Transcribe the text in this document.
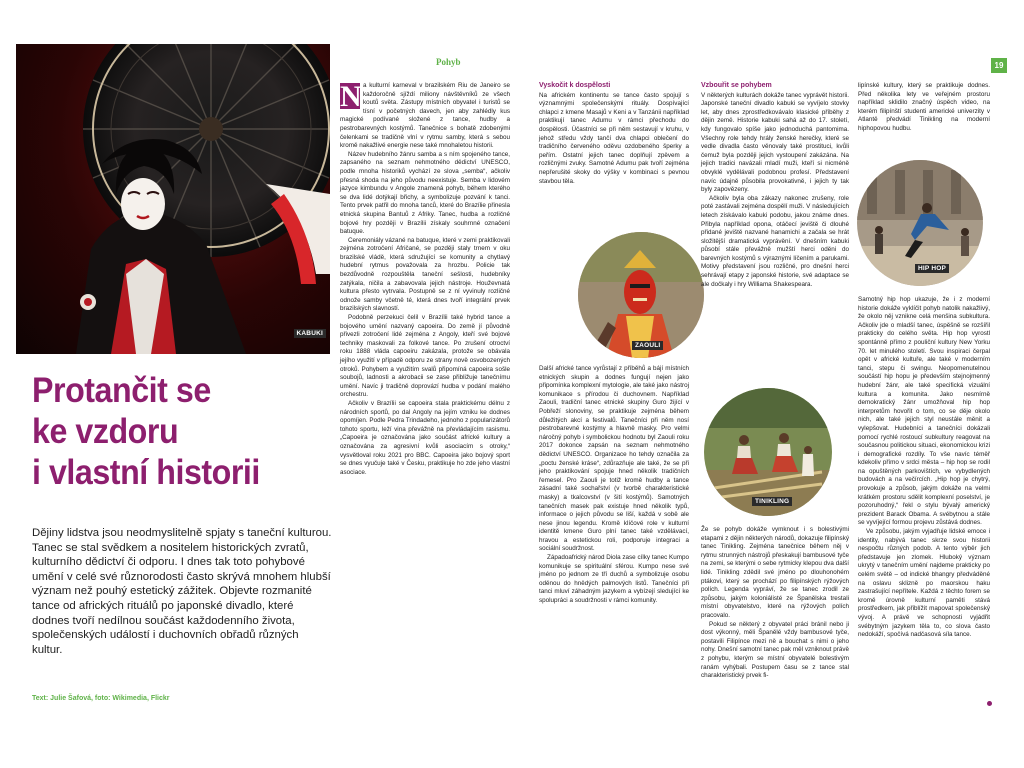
19
KABUKI
Protančit se
ke vzdoru
i vlastní historii
Dějiny lidstva jsou neodmyslitelně spjaty s taneční kulturou. Tanec se stal svědkem a nositelem historických zvratů, kulturního dědictví či odporu. I dnes tak toto pohybové umění v celé své různorodosti často skrývá mnohem hlubší význam než pouhý estetický zážitek. Objevte rozmanité tance od afrických rituálů po japonské divadlo, které dodnes tvoří nedílnou součást každodenního života, společenských událostí i duchovních obřadů různých kultur.
Text: Julie Šafová, foto: Wikimedia, Flickr
Pohyb
N a kulturní karneval v brazilském Riu de Janeiro se každoročně sjíždí miliony návštěvníků ze všech koutů světa. Zástupy místních obyvatel i turistů se tísní v početných davech, jen aby zahlédly kus magické podívané složené z tance, hudby a pestrobarevných kostýmů. Tanečnice s bohatě zdobenými čelenkami se tradičně vlní v rytmu samby, která s sebou kromě nakažlivé energie nese také mnohaletou historii.

Název hudebního žánru samba a s ním spojeného tance, zapsaného na seznam nehmotného dědictví UNESCO, podle mnoha historiků vychází ze slova „semba“, ačkoliv přesná shoda na jeho původu neexistuje. Semba v lidovém jazyce kimbundu v Angole znamená pohyb, během kterého se dva lidé dotýkají břichy, a symbolizuje pozvání k tanci. Tento prvek patřil do mnoha tanců, které do Brazílie přinesla etnická skupina Bantuů z Afriky. Tanec, hudba a rozličné bojové hry později v Brazílii získaly souhrnné označení batuque.

Ceremoniály vázané na batuque, které v zemi praktikovali zejména zotročení Afričané, se později staly trnem v oku brazilské vládě, která sdružující se komunity a chytlavý hudební rytmus považovala za hrozbu. Policie tak bezdůvodně rozpouštěla taneční sešlosti, hudebníky zatýkala, ničila a zabavovala jejich nástroje. Houževnatá kultura přesto vytrvala. Postupně se z ní vyvinuly rozličné odnože samby včetně té, která dnes tvoří integrální prvek brazilských slavností.

Podobně perzekuci čelil v Brazílii také hybrid tance a bojového umění nazvaný capoeira. Do země jí původně přivezli zotročení lidé zejména z Angoly, kteří své bojové techniky maskovali za folkové tance. Po zrušení otroctví roku 1888 vláda capoeiru zakázala, protože se obávala jejího využití v případě odporu ze strany nově osvobozených otroků. Pohybem a využitím svalů připomíná capoeira sošle soubojů, ladnosti a akrobacii se zase přibližuje tanečnímu umění. Navíc ji tradičně doprovází hudba v podání malého orchestru.

Ačkoliv v Brazílii se capoeira stala praktickému délnu z národních sportů, po dal Angoly na jejím vzniku ke dodnes opomíjen. Podle Pedra Trindadeho, jednoho z popularizátorů tohoto sportu, leží vina převážně na převládajícím rasismu. „Capoeira je označována jako součást africké kultury a označována za agresivní kvůli asociacím s otroky,“ vysvětloval roku 2021 pro BBC. Capoeira jako bojový sport se dnes vyučuje také v Česku, praktikuje ho zde jeho vlastní asociace.

Vyskočit k dospělosti

Na africkém kontinentu se tance často spojují s významnými společenskými rituály. Dospívající chlapci z kmene Masajů v Keni a v Tanzánii například praktikují tanec Adumu v rámci přechodu do dospělosti. Účastníci se při něm sestavují v kruhu, v jehož středu vždy tančí dva chlapci oblečení do tradičního červeného oděvu ozdobeného šperky a peřím. Ostatní jejich tanec doplňují zpěvem a rozličnými zvuky. Samotné Adumu pak tvoří zejména nepřerušité skoky do výšky v kombinaci s pevnou stavbou těla.

Další africké tance vyrůstají z příběhů a bájí místních etnických skupin a dodnes fungují nejen jako připomínka komplexní mytologie, ale také jako nástroj komunikace s přírodou či duchovnem. Například Zaouli, tradiční tanec etnické skupiny Guro žijící v Pobřeží slonoviny, se praktikuje zejména během důležitých akcí a festivalů. Tanečníci při něm nosí pestrobarevné kostýmy a hlavně masky. Pro velmi náročný pohyb i symbolickou hodnotu byl Zaouli roku 2017 dokonce zapsán na seznam nehmotného dědictví UNESCO. Organizace ho tehdy označila za „poctu ženské kráse“, zdůrazňuje ale také, že se při jeho praktikování spojuje hned několik tradičních řemesel. Pro Zaouli je totiž kromě hudby a tance zásadní také sochařství (v tvorbě charakteristické masky) a tkalcovství (v šití kostýmů). Samotných tanečních masek pak existuje hned několik typů, informace o jejich původu se liší, každá v sobě ale nese jinou legendu. Kromě klíčové role v kulturní identitě kmene Guro plní tanec také vzdělávací, hravou a estetickou roli, podporuje integraci a sociální soudržnost.

Západoafrický národ Diola zase cílky tanec Kumpo komunikuje se spirituální sférou. Kumpo nese své jméno po jednom ze tří duchů a symbolizuje osobu oděnou do hnědých palmových listů. Tanečníci při tanci mluví záhadným jazykem a vybízejí sledující ke spolupráci a soudržnosti v rámci komunity.

ZAOULI
Vzbouřit se pohybem

V některých kulturách dokáže tanec vyprávět historii. Japonské taneční divadlo kabuki se vyvíjelo stovky let, aby dnes zprostředkovávalo klasické příběhy z dějin země. Historie kabuki sahá až do 17. století, kdy fungovalo spíše jako jednoduchá pantomima. Všechny role tehdy hrály ženské herečky, které se vedle divadla často věnovaly také prostituci, kvůli čemuž byla později jejich vystoupení zakázána. Na jejich tradici navázali mladí muži, kteří si nicméně obvyklé vydělávali podobnou profesí. Představení navíc údajně působila provokativně, i jejich ty tak byly zapovězeny.

Ačkoliv byla oba zákazy nakonec zrušeny, role poté zastávali zejména dospělí muži. V následujících letech získávalo kabuki podobu, jakou známe dnes. Přibyla například opona, otáčecí jeviště či dlouhé přidané jeviště nazvané hanamichi a začala se hrát složitější dramatická vyprávění. V dnešním kabuki působí stále převážně mužští herci oděni do barevných kostýmů s výraznými líčením a parukami. Motivy představení jsou rozličné, pro dnešní herci sehrávají etapy z japonské historie, své adaptace se ale dočkaly i hry Williama Shakespeara.

Že se pohyb dokáže vymknout i s bolestivými etapami z dějin některých národů, dokazuje filipínský tanec Tinikling. Zejména tanečnice během něj v rytmu strunných nástrojů přeskakují bambusové tyče na zemi, se kterými o sebe rytmicky klepou dva další lidé. Tinikling zdědil své jméno po dlouhonohém ptákovi, který se prochází po filipínských rýžových polích. Legenda vypráví, že se tanec zrodil ze způsobu, jakým koloniálisté ze Španělska trestali místní obyvatelstvo, které na rýžových polích pracovalo.

Pokud se některý z obyvatel práci bránil nebo ji dost výkonný, měli Španělé vždy bambusové tyče, postavili Filipínce mezi ně a bouchat s nimi o jeho nohy. Dnešní samotní tanec pak měl vzniknout právě z pohybu, kterým se místní obyvatelé bolestivým ranám vyhýbali. Postupem času se z tance stal charakteristický prvek fi-

TINIKLING

lipínské kultury, který se praktikuje dodnes. Před několika lety ve veřejném prostoru například sklidilo značný úspěch video, na kterém filipínští studenti americké univerzity v Atlantě předvádí Tinikling na moderní hiphopovou hudbu.

Samotný hip hop ukazuje, že i z moderní historie dokáže vyklíčit pohyb natolik nakažlivý, že okolo něj vznikne celá menšina subkultura. Ačkoliv jde o mladší tanec, úspěšně se rozšířil prakticky do celého světa. Hip hop vyrostl spontánně přímo z pouliční kultury New Yorku 70. let minulého století. Svou inspiraci čerpal opět v africké kultuře, ale také v moderním tanci, stepu či swingu. Neopomenutelnou součástí hip hopu je především stejnojmenný hudební žánr, ale také specifická vizuální kultura a komunita. Jako nesmírně demokratický žánr umožňoval hip hop interpretům hovořit o tom, co se děje okolo nich, ale také jejich styl neustále měnit a vylepšovat. Hudebníci a tanečníci dokázali pomocí rychlé rostoucí subkultury reagovat na současnou politickou situaci, ekonomickou krizi i demografické rozdíly. To vše navíc téměř kdekoliv přímo v srdci města – hip hop se rodil na opuštěných parkovištích, ve vybydlených budovách a na večírcích. „Hip hop je chytrý, provokuje a způsob, jakým dokáže na velmi krátkém prostoru sdělit komplexní poselství, je pozoruhodný,“ řekl o stylu bývalý americký prezident Barack Obama. A svébytnou a stále se vyvíjející formou projevu zůstává dodnes.

Ve způsobu, jakým vyjadřuje lidské emoce i identity, nabývá tanec skrze svou historii nespočtu různých podob. A tento výběr jich představuje jen zlomek. Hluboký význam ukrytý v tanečním umění najdeme prakticky po celém světě – od indické bhangry předváděné na oslavu sklizně po maorskou haku zastrašující nepřítele. Každá z těchto forem se kromě úrovně kulturní paměti stává prostředkem, jak přiblížit mapovat společenský vývoj. A právě ve schopnosti vyjádřit svébytným jazykem těla to, co slova často nedokáží, spočívá nadčasová síla tance.

HIP HOP
